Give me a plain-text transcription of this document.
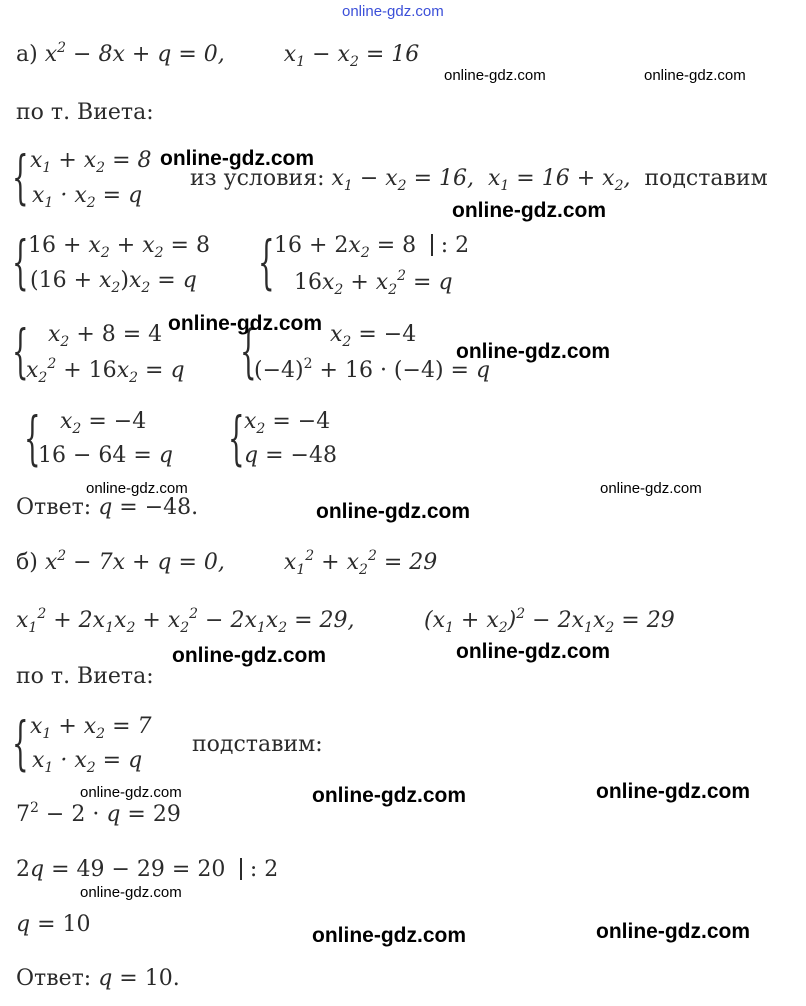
online-gdz.com
а) $x^2 - 8x + q = 0$,	$x_1 - x_2 = 16$
по т. Виета:
{ $x_1 + x_2 = 8$
$x_1 \cdot x_2 = q$
из условия: $x_1 - x_2 = 16$,  $x_1 = 16 + x_2$,  подставим
{ $16 + x_2 + x_2 = 8$
$(16 + x_2)x_2 = q$ { $16 + 2x_2 = 8$ : 2
$16x_2 + x_2^2 = q$
{ $x_2 + 8 = 4$
$x_2^2 + 16x_2 = q$ {	$x_2 = -4$
$(-4)^2 + 16 \cdot (-4) = q$
{ $x_2 = -4$
16 − 64 = q { $x_2 = -4$
q = −48
Ответ: q = −48.
б) $x^2 - 7x + q = 0$,	$x_1^2 + x_2^2 = 29$
$x_1^2 + 2x_1x_2 + x_2^2 - 2x_1x_2 = 29$,	$(x_1 + x_2)^2 - 2x_1x_2 = 29$
по т. Виета:
{ $x_1 + x_2 = 7$
$x_1 \cdot x_2 = q$
подставим:
$7^2 - 2 \cdot q = 29$
2q = 49 − 29 = 20 : 2
q = 10
Ответ: q = 10.
online-gdz.com	online-gdz.com
online-gdz.com
online-gdz.com
online-gdz.com
online-gdz.com
online-gdz.com	online-gdz.com
online-gdz.com
online-gdz.com	online-gdz.com
online-gdz.com	online-gdz.com	online-gdz.com
online-gdz.com
online-gdz.com	online-gdz.com
